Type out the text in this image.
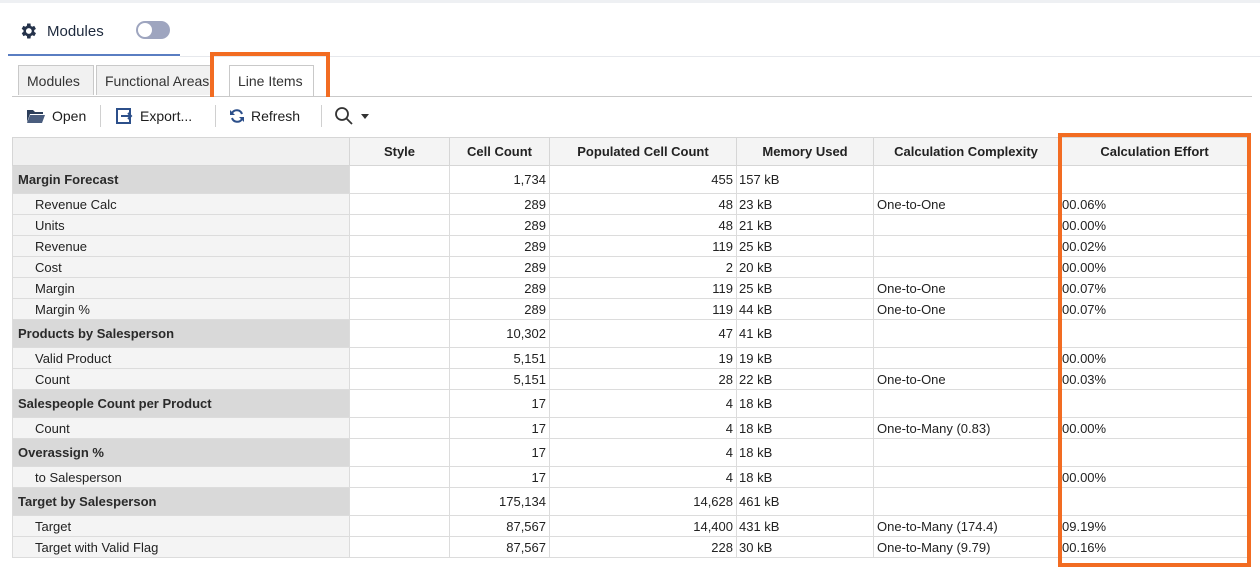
Modules
Modules	Functional Areas	Line Items
Open	Export...	Refresh
	Style	Cell Count	Populated Cell Count	Memory Used	Calculation Complexity	Calculation Effort
Margin Forecast		1,734	455	157 kB		
Revenue Calc		289	48	23 kB	One-to-One	00.06%
Units		289	48	21 kB		00.00%
Revenue		289	119	25 kB		00.02%
Cost		289	2	20 kB		00.00%
Margin		289	119	25 kB	One-to-One	00.07%
Margin %		289	119	44 kB	One-to-One	00.07%
Products by Salesperson		10,302	47	41 kB		
Valid Product		5,151	19	19 kB		00.00%
Count		5,151	28	22 kB	One-to-One	00.03%
Salespeople Count per Product		17	4	18 kB		
Count		17	4	18 kB	One-to-Many (0.83)	00.00%
Overassign %		17	4	18 kB		
to Salesperson		17	4	18 kB		00.00%
Target by Salesperson		175,134	14,628	461 kB		
Target		87,567	14,400	431 kB	One-to-Many (174.4)	09.19%
Target with Valid Flag		87,567	228	30 kB	One-to-Many (9.79)	00.16%
